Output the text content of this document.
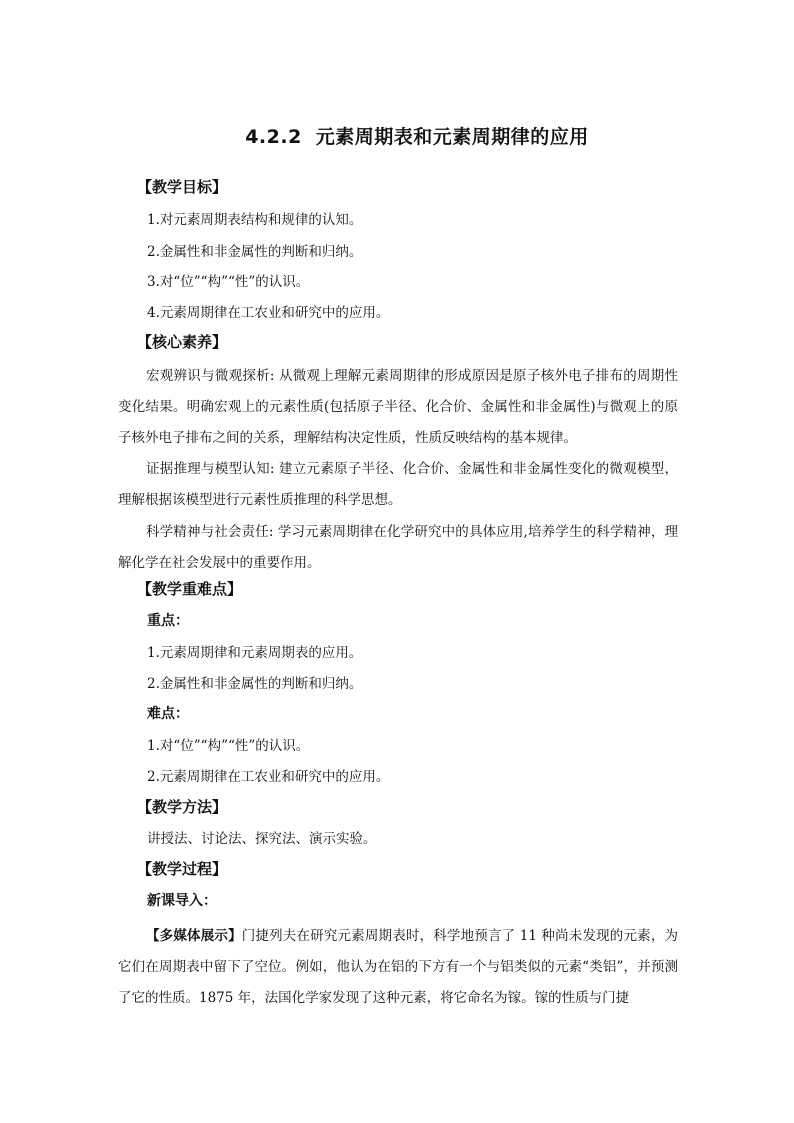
4.2.2 元素周期表和元素周期律的应用
【教学目标】
1.对元素周期表结构和规律的认知。
2.金属性和非金属性的判断和归纳。
3.对“位”“构”“性”的认识。
4.元素周期律在工农业和研究中的应用。
【核心素养】
宏观辨识与微观探析: 从微观上理解元素周期律的形成原因是原子核外电子排布的周期性变化结果。明确宏观上的元素性质(包括原子半径、化合价、金属性和非金属性)与微观上的原子核外电子排布之间的关系，理解结构决定性质，性质反映结构的基本规律。
证据推理与模型认知: 建立元素原子半径、化合价、金属性和非金属性变化的微观模型，理解根据该模型进行元素性质推理的科学思想。
科学精神与社会责任: 学习元素周期律在化学研究中的具体应用,培养学生的科学精神，理解化学在社会发展中的重要作用。
【教学重难点】
重点：
1.元素周期律和元素周期表的应用。
2.金属性和非金属性的判断和归纳。
难点：
1.对“位”“构”“性”的认识。
2.元素周期律在工农业和研究中的应用。
【教学方法】
讲授法、讨论法、探究法、演示实验。
【教学过程】
新课导入：
【多媒体展示】门捷列夫在研究元素周期表时，科学地预言了 11 种尚未发现的元素，为它们在周期表中留下了空位。例如，他认为在铝的下方有一个与铝类似的元素“类铝”，并预测了它的性质。1875 年，法国化学家发现了这种元素，将它命名为镓。镓的性质与门捷
